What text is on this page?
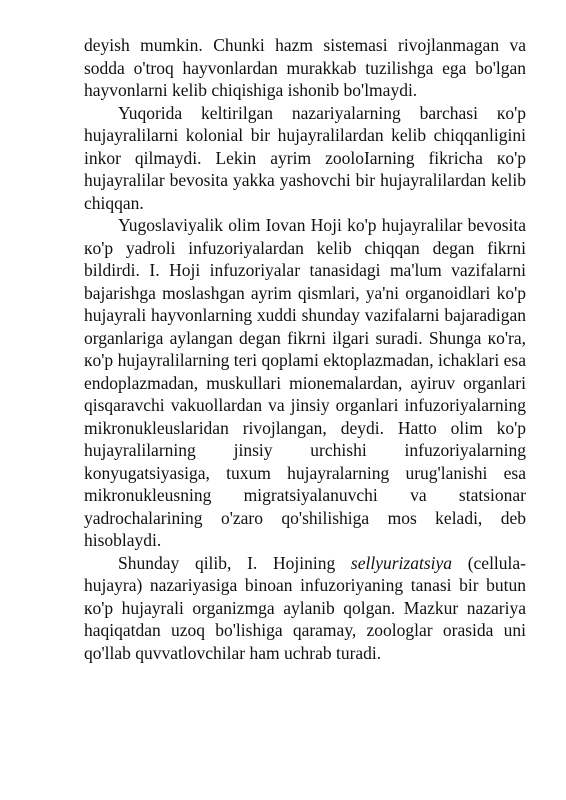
deyish mumkin. Chunki hazm sistemasi rivojlanmagan va sodda o'troq hayvonlardan murakkab tuzilishga ega bo'lgan hayvonlarni kelib chiqishiga ishonib bo'lmaydi.

Yuqorida keltirilgan nazariyalarning barchasi кo'p hujayralilarni kolonial bir hujayralilardan kelib chiqqanligini inkor qilmaydi. Lekin ayrim zooloIarning fikricha кo'p hujayralilar bevosita yakka yashovchi bir hujayralilardan kelib chiqqan.

Yugoslaviyalik olim Iovan Hoji ko'p hujayralilar bevosita кo'p yadroli infuzoriyalardan kelib chiqqan degan fikrni bildirdi. I. Hoji infuzoriyalar tanasidagi ma'lum vazifalarni bajarishga moslashgan ayrim qismlari, ya'ni organoidlari ko'p hujayrali hayvonlarning xuddi shunday vazifalarni bajaradigan organlariga aylangan degan fikrni ilgari suradi. Shunga кo'ra, кo'p hujayralilarning teri qoplami ektoplazmadan, ichaklari esa endoplazmadan, muskullari mionemalardan, ayiruv organlari qisqaravchi vakuollardan va jinsiy organlari infuzoriyalarning mikronukleuslaridan rivojlangan, deydi. Hatto olim ko'p hujayralilarning jinsiy urchishi infuzoriyalarning konyugatsiyasiga, tuxum hujayralarning urug'lanishi esa mikronukleusning migratsiyalanuvchi va statsionar yadrochalarining o'zaro qo'shilishiga mos keladi, deb hisoblaydi.

Shunday qilib, I. Hojining sellyurizatsiya (cellula-hujayra) nazariyasiga binoan infuzoriyaning tanasi bir butun кo'p hujayrali organizmga aylanib qolgan. Mazkur nazariya haqiqatdan uzoq bo'lishiga qaramay, zoologlar orasida uni qo'llab quvvatlovchilar ham uchrab turadi.
